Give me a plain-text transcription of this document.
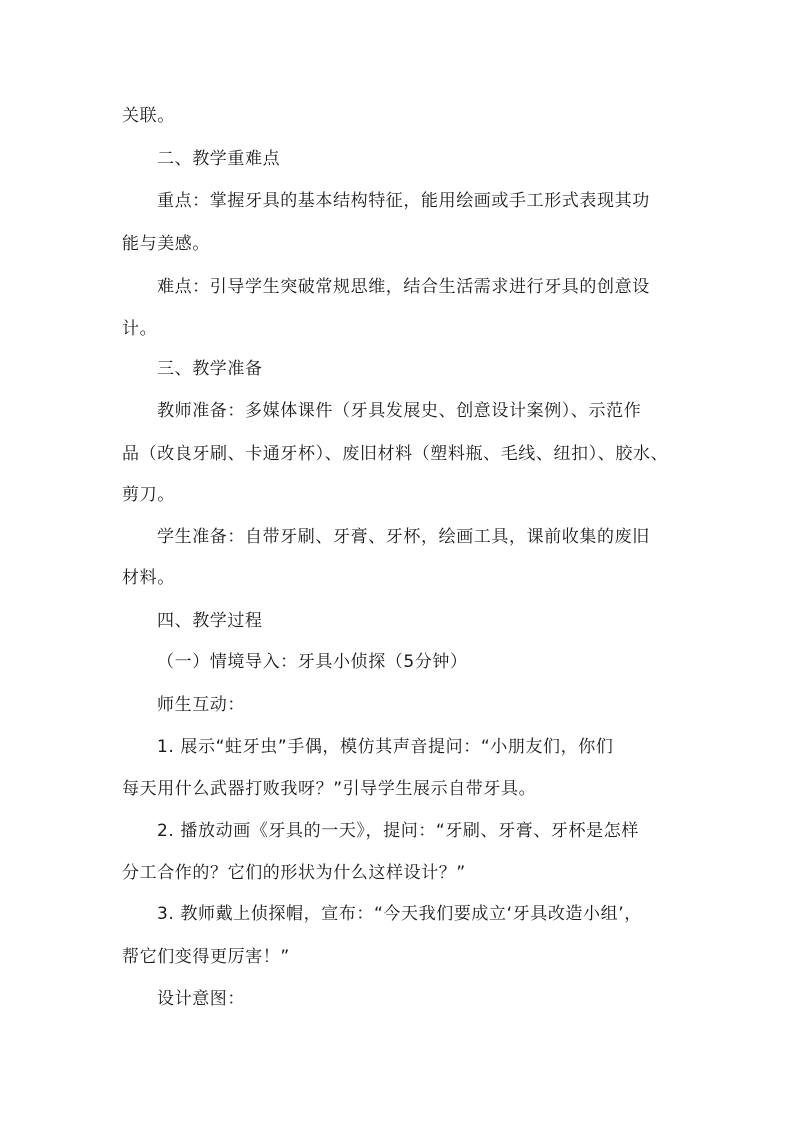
关联。
二、教学重难点
重点：掌握牙具的基本结构特征，能用绘画或手工形式表现其功
能与美感。
难点：引导学生突破常规思维，结合生活需求进行牙具的创意设
计。
三、教学准备
教师准备：多媒体课件（牙具发展史、创意设计案例）、示范作
品（改良牙刷、卡通牙杯）、废旧材料（塑料瓶、毛线、纽扣）、胶水、
剪刀。
学生准备：自带牙刷、牙膏、牙杯，绘画工具，课前收集的废旧
材料。
四、教学过程
（一）情境导入：牙具小侦探（5分钟）
师生互动：
1. 展示“蛀牙虫”手偶，模仿其声音提问：“小朋友们，你们
每天用什么武器打败我呀？”引导学生展示自带牙具。
2. 播放动画《牙具的一天》，提问：“牙刷、牙膏、牙杯是怎样
分工合作的？它们的形状为什么这样设计？”
3. 教师戴上侦探帽，宣布：“今天我们要成立‘牙具改造小组’，
帮它们变得更厉害！”
设计意图：
